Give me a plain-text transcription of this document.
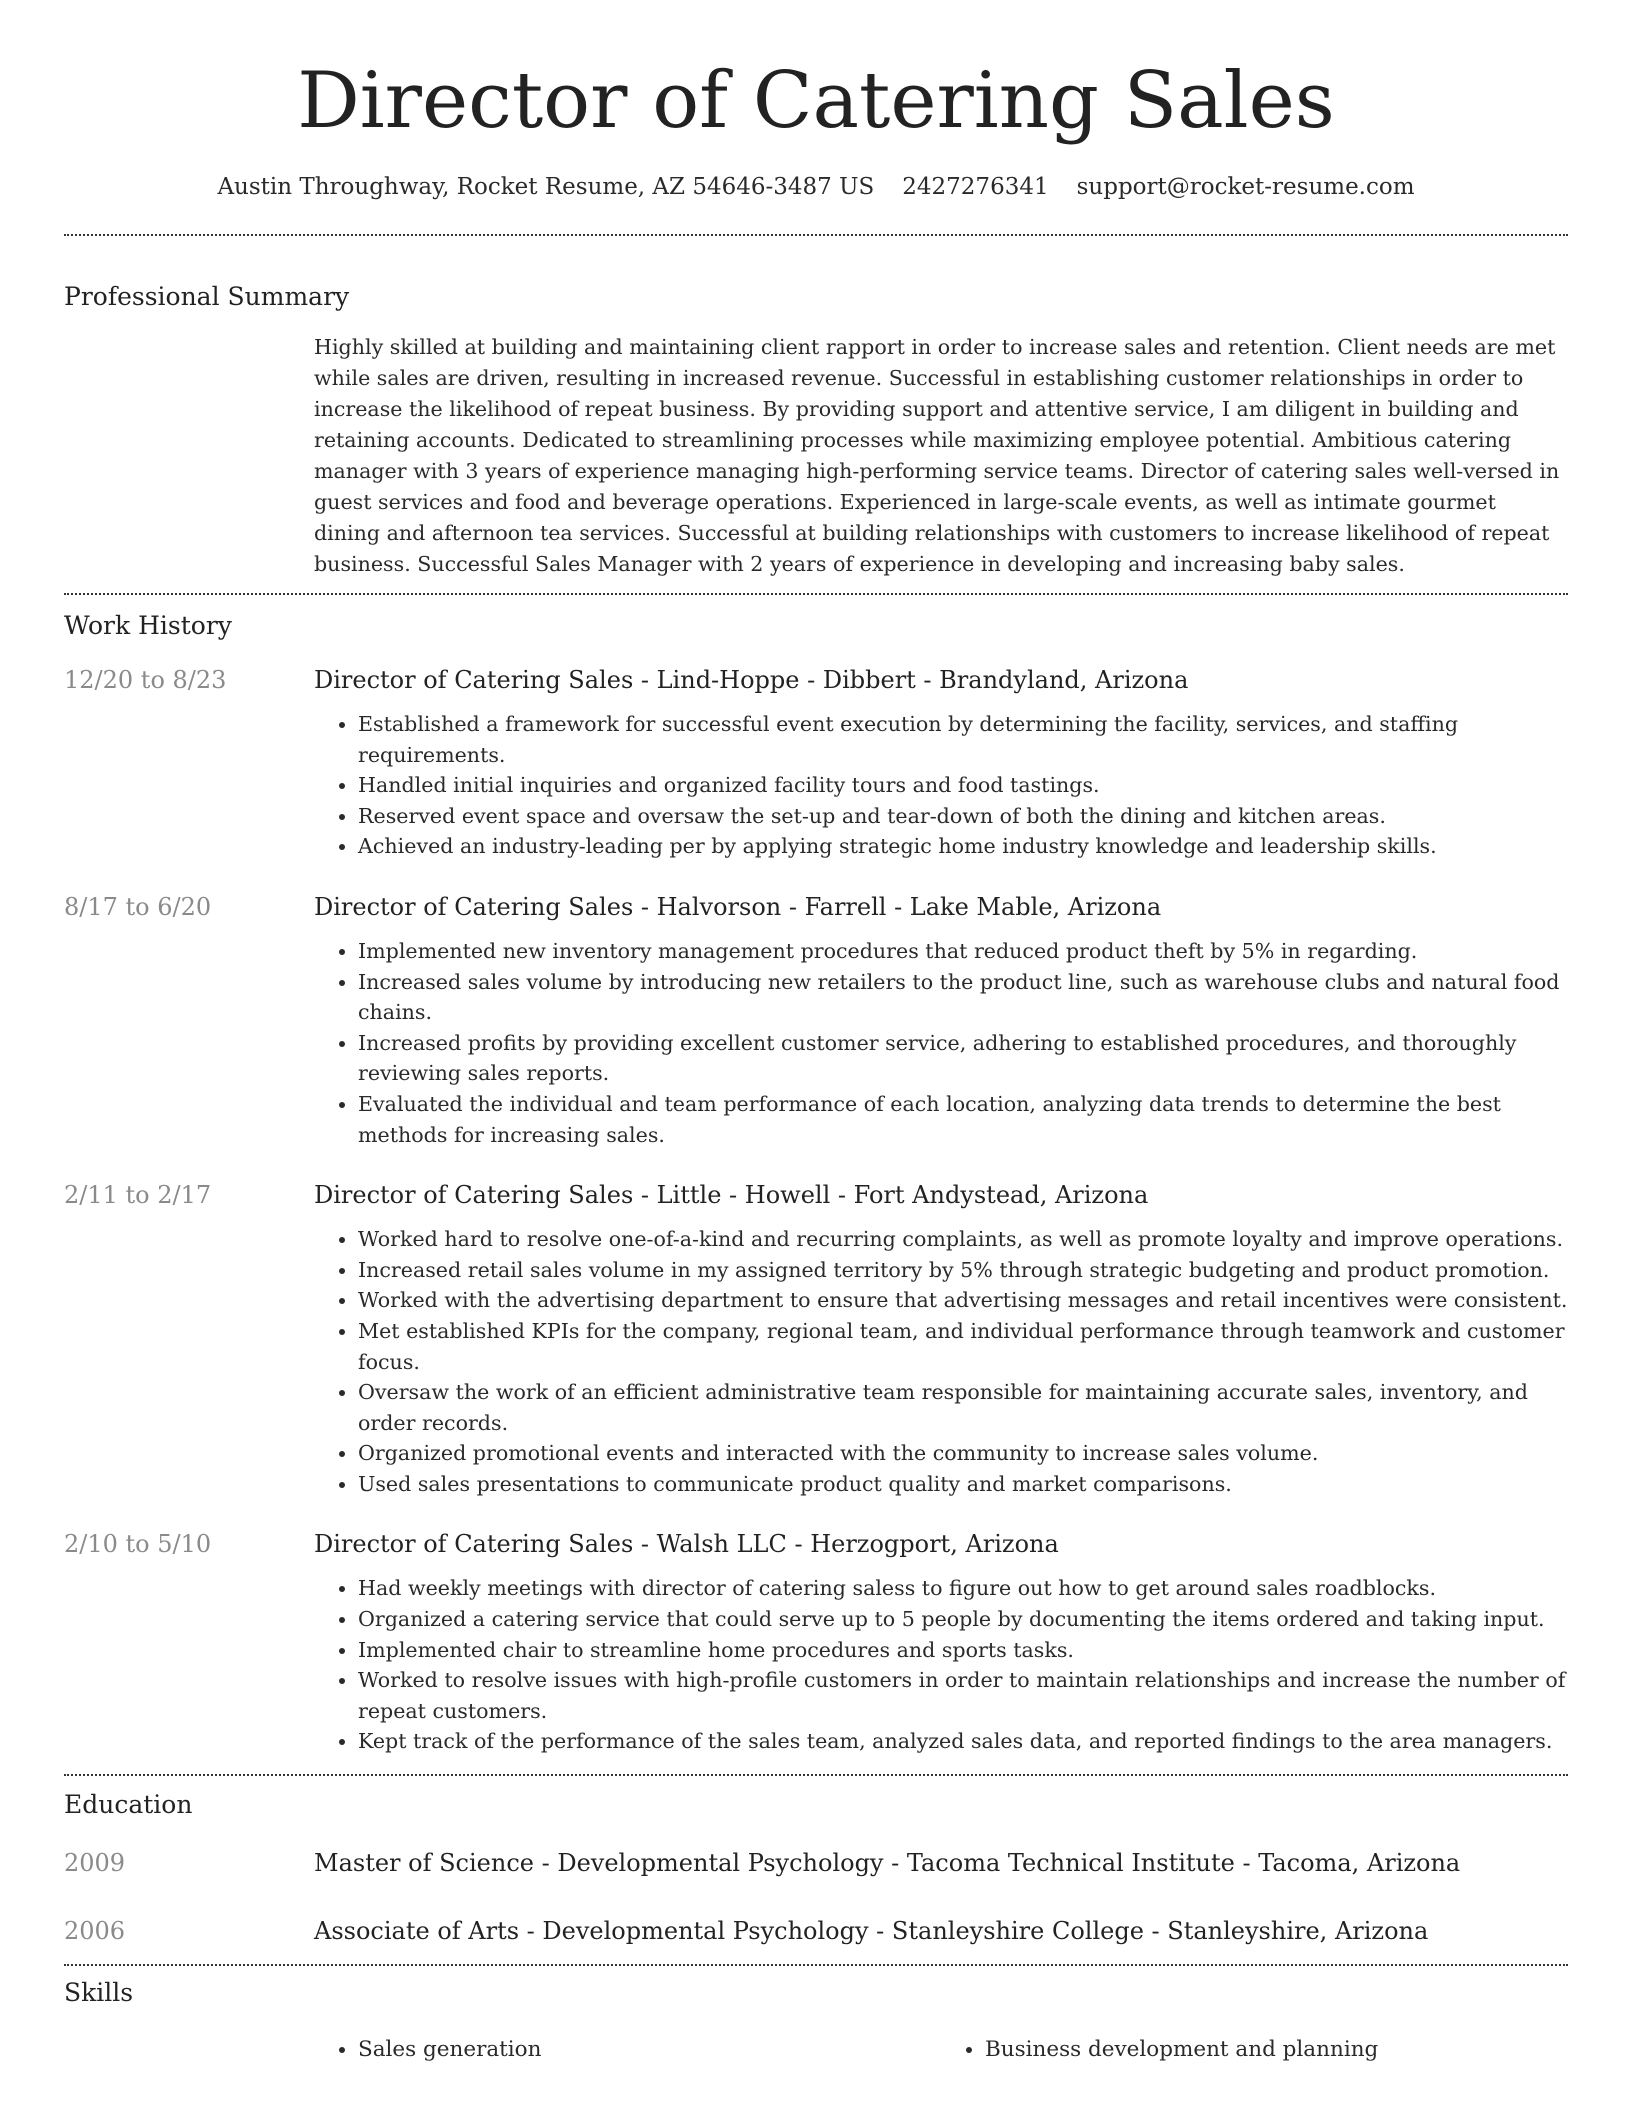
Director of Catering Sales
Austin Throughway, Rocket Resume, AZ 54646-3487 US 2427276341 support@rocket-resume.com
Professional Summary
Highly skilled at building and maintaining client rapport in order to increase sales and retention. Client needs are met while sales are driven, resulting in increased revenue. Successful in establishing customer relationships in order to increase the likelihood of repeat business. By providing support and attentive service, I am diligent in building and retaining accounts. Dedicated to streamlining processes while maximizing employee potential. Ambitious catering manager with 3 years of experience managing high-performing service teams. Director of catering sales well-versed in guest services and food and beverage operations. Experienced in large-scale events, as well as intimate gourmet dining and afternoon tea services. Successful at building relationships with customers to increase likelihood of repeat business. Successful Sales Manager with 2 years of experience in developing and increasing baby sales.
Work History
12/20 to 8/23	Director of Catering Sales - Lind-Hoppe - Dibbert - Brandyland, Arizona
• Established a framework for successful event execution by determining the facility, services, and staffing requirements.
• Handled initial inquiries and organized facility tours and food tastings.
• Reserved event space and oversaw the set-up and tear-down of both the dining and kitchen areas.
• Achieved an industry-leading per by applying strategic home industry knowledge and leadership skills.
8/17 to 6/20	Director of Catering Sales - Halvorson - Farrell - Lake Mable, Arizona
• Implemented new inventory management procedures that reduced product theft by 5% in regarding.
• Increased sales volume by introducing new retailers to the product line, such as warehouse clubs and natural food chains.
• Increased profits by providing excellent customer service, adhering to established procedures, and thoroughly reviewing sales reports.
• Evaluated the individual and team performance of each location, analyzing data trends to determine the best methods for increasing sales.
2/11 to 2/17	Director of Catering Sales - Little - Howell - Fort Andystead, Arizona
• Worked hard to resolve one-of-a-kind and recurring complaints, as well as promote loyalty and improve operations.
• Increased retail sales volume in my assigned territory by 5% through strategic budgeting and product promotion.
• Worked with the advertising department to ensure that advertising messages and retail incentives were consistent.
• Met established KPIs for the company, regional team, and individual performance through teamwork and customer focus.
• Oversaw the work of an efficient administrative team responsible for maintaining accurate sales, inventory, and order records.
• Organized promotional events and interacted with the community to increase sales volume.
• Used sales presentations to communicate product quality and market comparisons.
2/10 to 5/10	Director of Catering Sales - Walsh LLC - Herzogport, Arizona
• Had weekly meetings with director of catering saless to figure out how to get around sales roadblocks.
• Organized a catering service that could serve up to 5 people by documenting the items ordered and taking input.
• Implemented chair to streamline home procedures and sports tasks.
• Worked to resolve issues with high-profile customers in order to maintain relationships and increase the number of repeat customers.
• Kept track of the performance of the sales team, analyzed sales data, and reported findings to the area managers.
Education
2009	Master of Science - Developmental Psychology - Tacoma Technical Institute - Tacoma, Arizona
2006	Associate of Arts - Developmental Psychology - Stanleyshire College - Stanleyshire, Arizona
Skills
• Sales generation
•	Business development and planning
